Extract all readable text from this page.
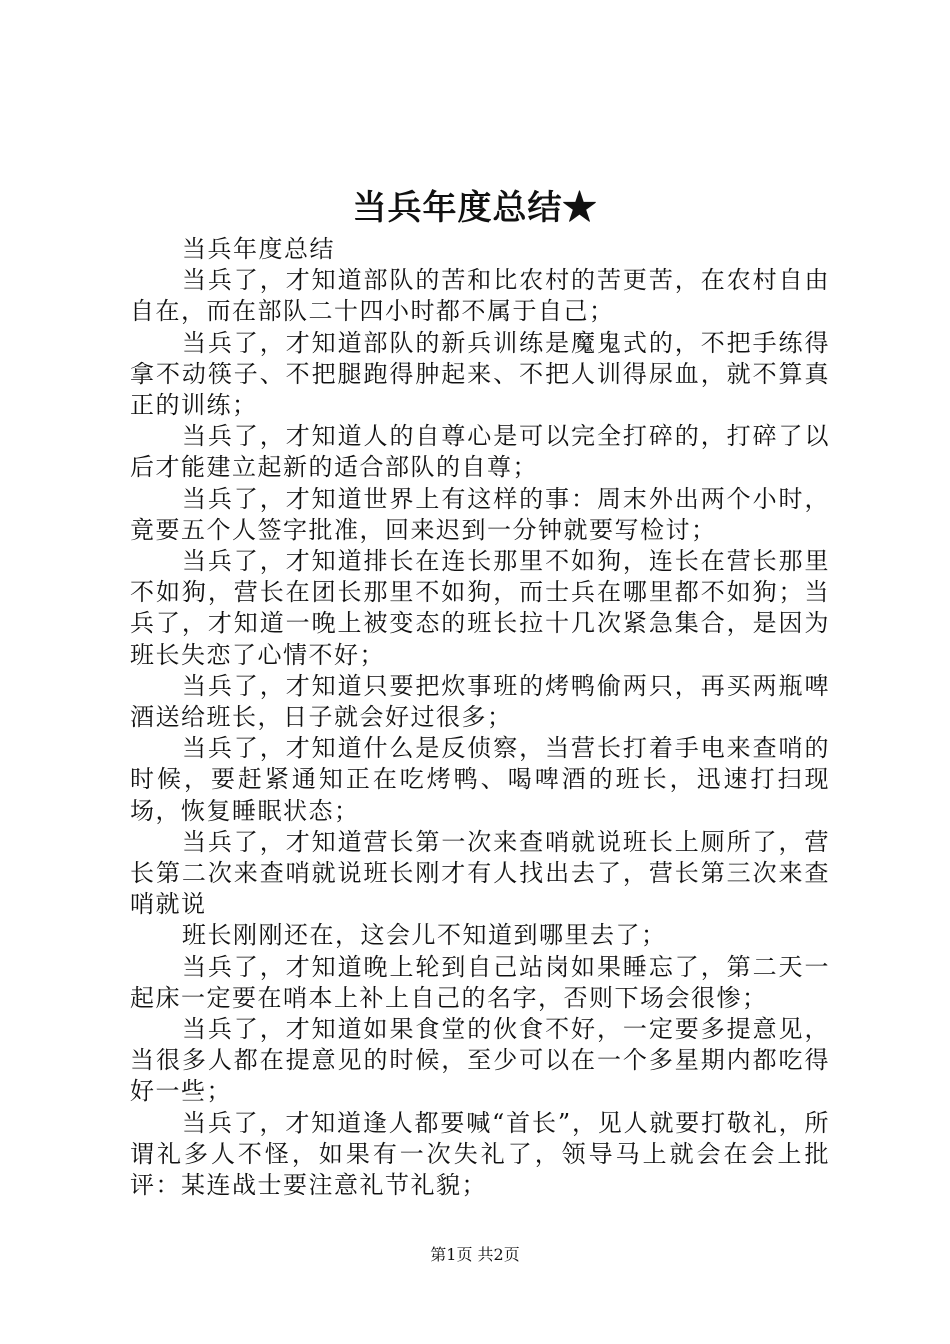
当兵年度总结★

当兵年度总结

当兵了，才知道部队的苦和比农村的苦更苦，在农村自由自在，而在部队二十四小时都不属于自己；

当兵了，才知道部队的新兵训练是魔鬼式的，不把手练得拿不动筷子、不把腿跑得肿起来、不把人训得尿血，就不算真正的训练；

当兵了，才知道人的自尊心是可以完全打碎的，打碎了以后才能建立起新的适合部队的自尊；

当兵了，才知道世界上有这样的事：周末外出两个小时，竟要五个人签字批准，回来迟到一分钟就要写检讨；

当兵了，才知道排长在连长那里不如狗，连长在营长那里不如狗，营长在团长那里不如狗，而士兵在哪里都不如狗；当兵了，才知道一晚上被变态的班长拉十几次紧急集合，是因为班长失恋了心情不好；

当兵了，才知道只要把炊事班的烤鸭偷两只，再买两瓶啤酒送给班长，日子就会好过很多；

当兵了，才知道什么是反侦察，当营长打着手电来查哨的时候，要赶紧通知正在吃烤鸭、喝啤酒的班长，迅速打扫现场，恢复睡眠状态；

当兵了，才知道营长第一次来查哨就说班长上厕所了，营长第二次来查哨就说班长刚才有人找出去了，营长第三次来查哨就说

班长刚刚还在，这会儿不知道到哪里去了；

当兵了，才知道晚上轮到自己站岗如果睡忘了，第二天一起床一定要在哨本上补上自己的名字，否则下场会很惨；

当兵了，才知道如果食堂的伙食不好，一定要多提意见，当很多人都在提意见的时候，至少可以在一个多星期内都吃得好一些；

当兵了，才知道逢人都要喊“首长”，见人就要打敬礼，所谓礼多人不怪，如果有一次失礼了，领导马上就会在会上批评：某连战士要注意礼节礼貌；

第1页 共2页
